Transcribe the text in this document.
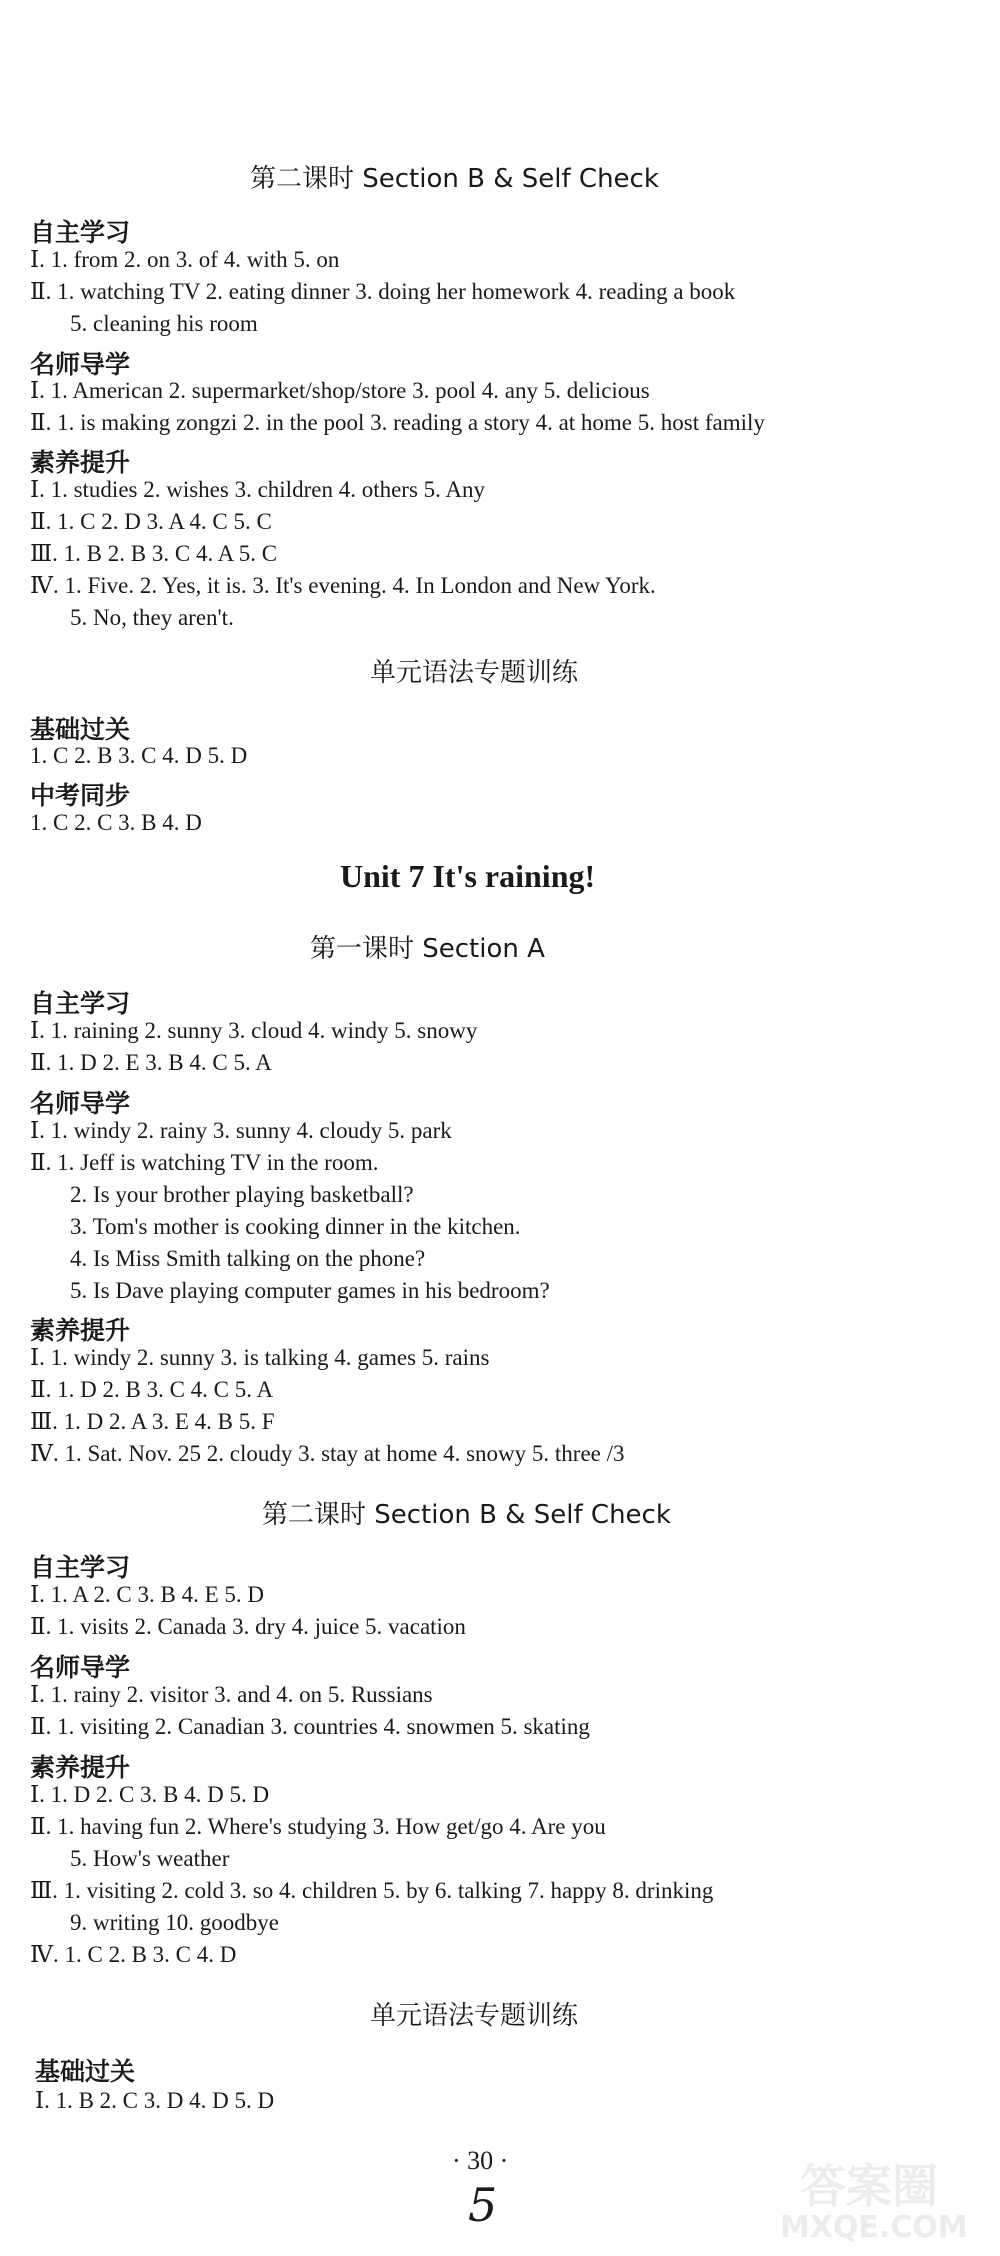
答案圈
MXQE.COM
第二课时 Section B & Self Check
自主学习
Ⅰ. 1. from 2. on 3. of 4. with 5. on
Ⅱ. 1. watching TV 2. eating dinner 3. doing her homework 4. reading a book
5. cleaning his room
名师导学
Ⅰ. 1. American 2. supermarket/shop/store 3. pool 4. any 5. delicious
Ⅱ. 1. is making zongzi 2. in the pool 3. reading a story 4. at home 5. host family
素养提升
Ⅰ. 1. studies 2. wishes 3. children 4. others 5. Any
Ⅱ. 1. C 2. D 3. A 4. C 5. C
Ⅲ. 1. B 2. B 3. C 4. A 5. C
Ⅳ. 1. Five. 2. Yes, it is. 3. It's evening. 4. In London and New York.
5. No, they aren't.
单元语法专题训练
基础过关
1. C 2. B 3. C 4. D 5. D
中考同步
1. C 2. C 3. B 4. D
Unit 7 It's raining!
第一课时 Section A
自主学习
Ⅰ. 1. raining 2. sunny 3. cloud 4. windy 5. snowy
Ⅱ. 1. D 2. E 3. B 4. C 5. A
名师导学
Ⅰ. 1. windy 2. rainy 3. sunny 4. cloudy 5. park
Ⅱ. 1. Jeff is watching TV in the room.
2. Is your brother playing basketball?
3. Tom's mother is cooking dinner in the kitchen.
4. Is Miss Smith talking on the phone?
5. Is Dave playing computer games in his bedroom?
素养提升
Ⅰ. 1. windy 2. sunny 3. is talking 4. games 5. rains
Ⅱ. 1. D 2. B 3. C 4. C 5. A
Ⅲ. 1. D 2. A 3. E 4. B 5. F
Ⅳ. 1. Sat. Nov. 25 2. cloudy 3. stay at home 4. snowy 5. three /3
第二课时 Section B & Self Check
自主学习
Ⅰ. 1. A 2. C 3. B 4. E 5. D
Ⅱ. 1. visits 2. Canada 3. dry 4. juice 5. vacation
名师导学
Ⅰ. 1. rainy 2. visitor 3. and 4. on 5. Russians
Ⅱ. 1. visiting 2. Canadian 3. countries 4. snowmen 5. skating
素养提升
Ⅰ. 1. D 2. C 3. B 4. D 5. D
Ⅱ. 1. having fun 2. Where's studying 3. How get/go 4. Are you
5. How's weather
Ⅲ. 1. visiting 2. cold 3. so 4. children 5. by 6. talking 7. happy 8. drinking
9. writing 10. goodbye
Ⅳ. 1. C 2. B 3. C 4. D
单元语法专题训练
基础过关
Ⅰ. 1. B 2. C 3. D 4. D 5. D
· 30 ·
5
